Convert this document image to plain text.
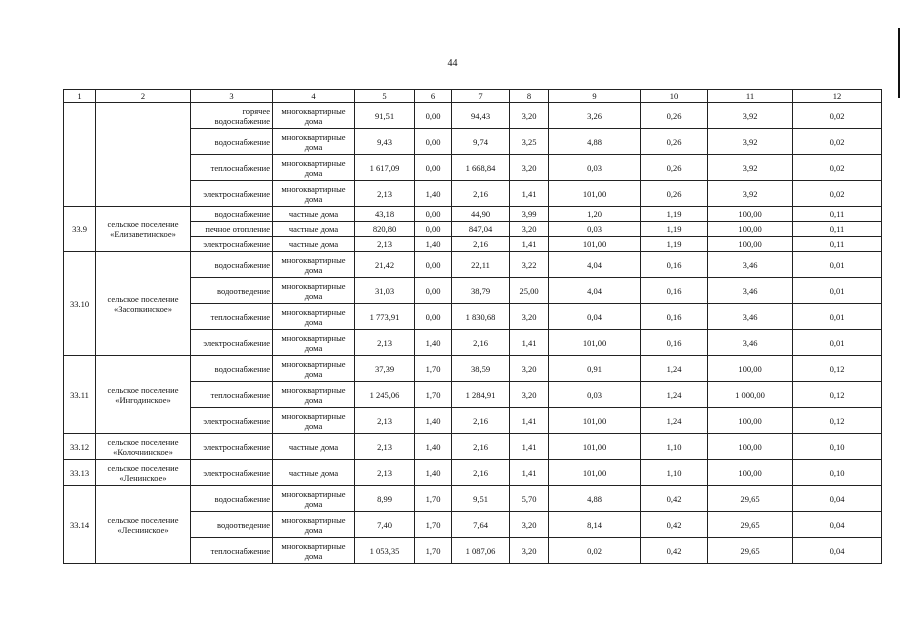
44
1	2	3	4	5	6	7	8	9	10	11	12
		горячее водоснабжение	многоквартирные дома	91,51	0,00	94,43	3,20	3,26	0,26	3,92	0,02
		водоснабжение	многоквартирные дома	9,43	0,00	9,74	3,25	4,88	0,26	3,92	0,02
		теплоснабжение	многоквартирные дома	1 617,09	0,00	1 668,84	3,20	0,03	0,26	3,92	0,02
		электроснабжение	многоквартирные дома	2,13	1,40	2,16	1,41	101,00	0,26	3,92	0,02
33.9	сельское поселение «Елизаветинское»	водоснабжение	частные дома	43,18	0,00	44,90	3,99	1,20	1,19	100,00	0,11
		печное отопление	частные дома	820,80	0,00	847,04	3,20	0,03	1,19	100,00	0,11
		электроснабжение	частные дома	2,13	1,40	2,16	1,41	101,00	1,19	100,00	0,11
33.10	сельское поселение «Засопкинское»	водоснабжение	многоквартирные дома	21,42	0,00	22,11	3,22	4,04	0,16	3,46	0,01
		водоотведение	многоквартирные дома	31,03	0,00	38,79	25,00	4,04	0,16	3,46	0,01
		теплоснабжение	многоквартирные дома	1 773,91	0,00	1 830,68	3,20	0,04	0,16	3,46	0,01
		электроснабжение	многоквартирные дома	2,13	1,40	2,16	1,41	101,00	0,16	3,46	0,01
33.11	сельское поселение «Ингодинское»	водоснабжение	многоквартирные дома	37,39	1,70	38,59	3,20	0,91	1,24	100,00	0,12
		теплоснабжение	многоквартирные дома	1 245,06	1,70	1 284,91	3,20	0,03	1,24	1 000,00	0,12
		электроснабжение	многоквартирные дома	2,13	1,40	2,16	1,41	101,00	1,24	100,00	0,12
33.12	сельское поселение «Колочнинское»	электроснабжение	частные дома	2,13	1,40	2,16	1,41	101,00	1,10	100,00	0,10
33.13	сельское поселение «Ленинское»	электроснабжение	частные дома	2,13	1,40	2,16	1,41	101,00	1,10	100,00	0,10
33.14	сельское поселение «Леснинское»	водоснабжение	многоквартирные дома	8,99	1,70	9,51	5,70	4,88	0,42	29,65	0,04
		водоотведение	многоквартирные дома	7,40	1,70	7,64	3,20	8,14	0,42	29,65	0,04
		теплоснабжение	многоквартирные дома	1 053,35	1,70	1 087,06	3,20	0,02	0,42	29,65	0,04
